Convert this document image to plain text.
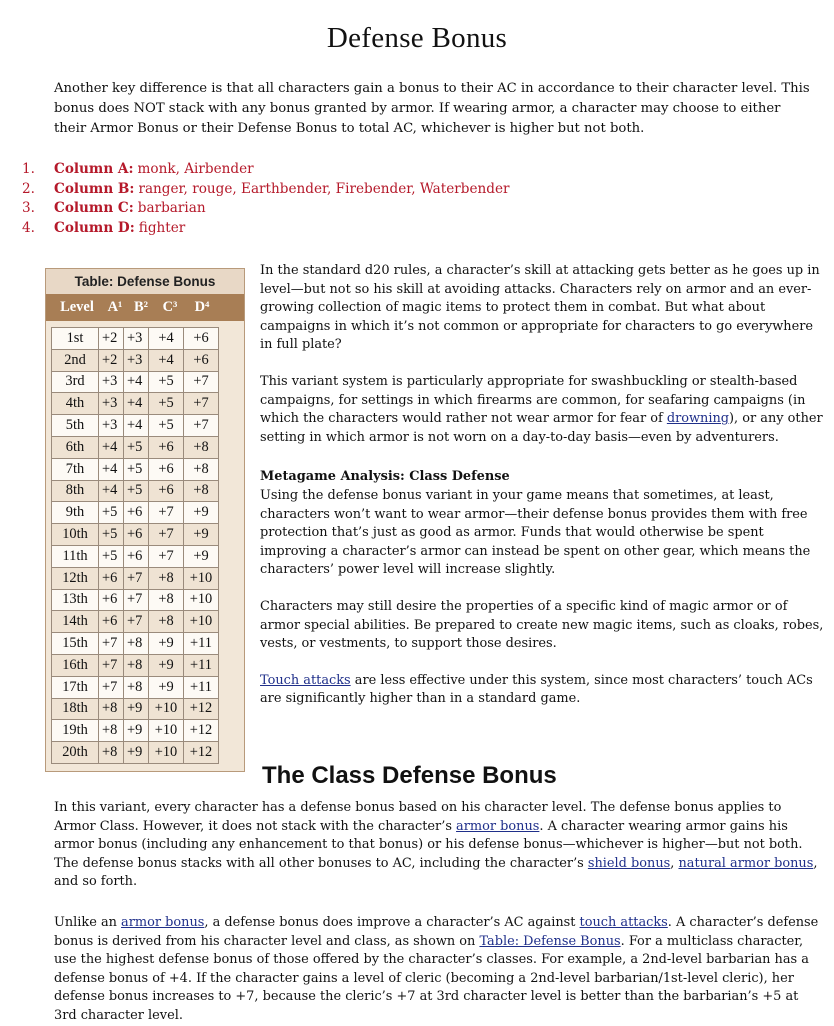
Defense Bonus
Another key difference is that all characters gain a bonus to their AC in accordance to their character level. This bonus does NOT stack with any bonus granted by armor. If wearing armor, a character may choose to either their Armor Bonus or their Defense Bonus to total AC, whichever is higher but not both.
1.	Column A: monk, Airbender
2.	Column B: ranger, rouge, Earthbender, Firebender, Waterbender
3.	Column C: barbarian
4.	Column D: fighter
Table: Defense Bonus
Level A¹ B²	C³	D⁴
1st	+2	+3	+4	+6
2nd	+2	+3	+4	+6
3rd	+3	+4	+5	+7
4th	+3	+4	+5	+7
5th	+3	+4	+5	+7
6th	+4	+5	+6	+8
7th	+4	+5	+6	+8
8th	+4	+5	+6	+8
9th	+5	+6	+7	+9
10th	+5	+6	+7	+9
11th	+5	+6	+7	+9
12th	+6	+7	+8	+10
13th	+6	+7	+8	+10
14th	+6	+7	+8	+10
15th	+7	+8	+9	+11
16th	+7	+8	+9	+11
17th	+7	+8	+9	+11
18th	+8	+9	+10	+12
19th	+8	+9	+10	+12
20th	+8	+9	+10	+12

In the standard d20 rules, a character’s skill at attacking gets better as he goes up in level—but not so his skill at avoiding attacks. Characters rely on armor and an ever-growing collection of magic items to protect them in combat. But what about campaigns in which it’s not common or appropriate for characters to go everywhere in full plate?

This variant system is particularly appropriate for swashbuckling or stealth-based campaigns, for settings in which firearms are common, for seafaring campaigns (in which the characters would rather not wear armor for fear of drowning), or any other setting in which armor is not worn on a day-to-day basis—even by adventurers.

Metagame Analysis: Class Defense

Using the defense bonus variant in your game means that sometimes, at least, characters won’t want to wear armor—their defense bonus provides them with free protection that’s just as good as armor. Funds that would otherwise be spent improving a character’s armor can instead be spent on other gear, which means the characters’ power level will increase slightly.

Characters may still desire the properties of a specific kind of magic armor or of armor special abilities. Be prepared to create new magic items, such as cloaks, robes, vests, or vestments, to support those desires.

Touch attacks are less effective under this system, since most characters’ touch ACs are significantly higher than in a standard game.

The Class Defense Bonus

In this variant, every character has a defense bonus based on his character level. The defense bonus applies to Armor Class. However, it does not stack with the character’s armor bonus. A character wearing armor gains his armor bonus (including any enhancement to that bonus) or his defense bonus—whichever is higher—but not both. The defense bonus stacks with all other bonuses to AC, including the character’s shield bonus, natural armor bonus, and so forth.

Unlike an armor bonus, a defense bonus does improve a character’s AC against touch attacks. A character’s defense bonus is derived from his character level and class, as shown on Table: Defense Bonus. For a multiclass character, use the highest defense bonus of those offered by the character’s classes. For example, a 2nd-level barbarian has a defense bonus of +4. If the character gains a level of cleric (becoming a 2nd-level barbarian/1st-level cleric), her defense bonus increases to +7, because the cleric’s +7 at 3rd character level is better than the barbarian’s +5 at 3rd character level.
